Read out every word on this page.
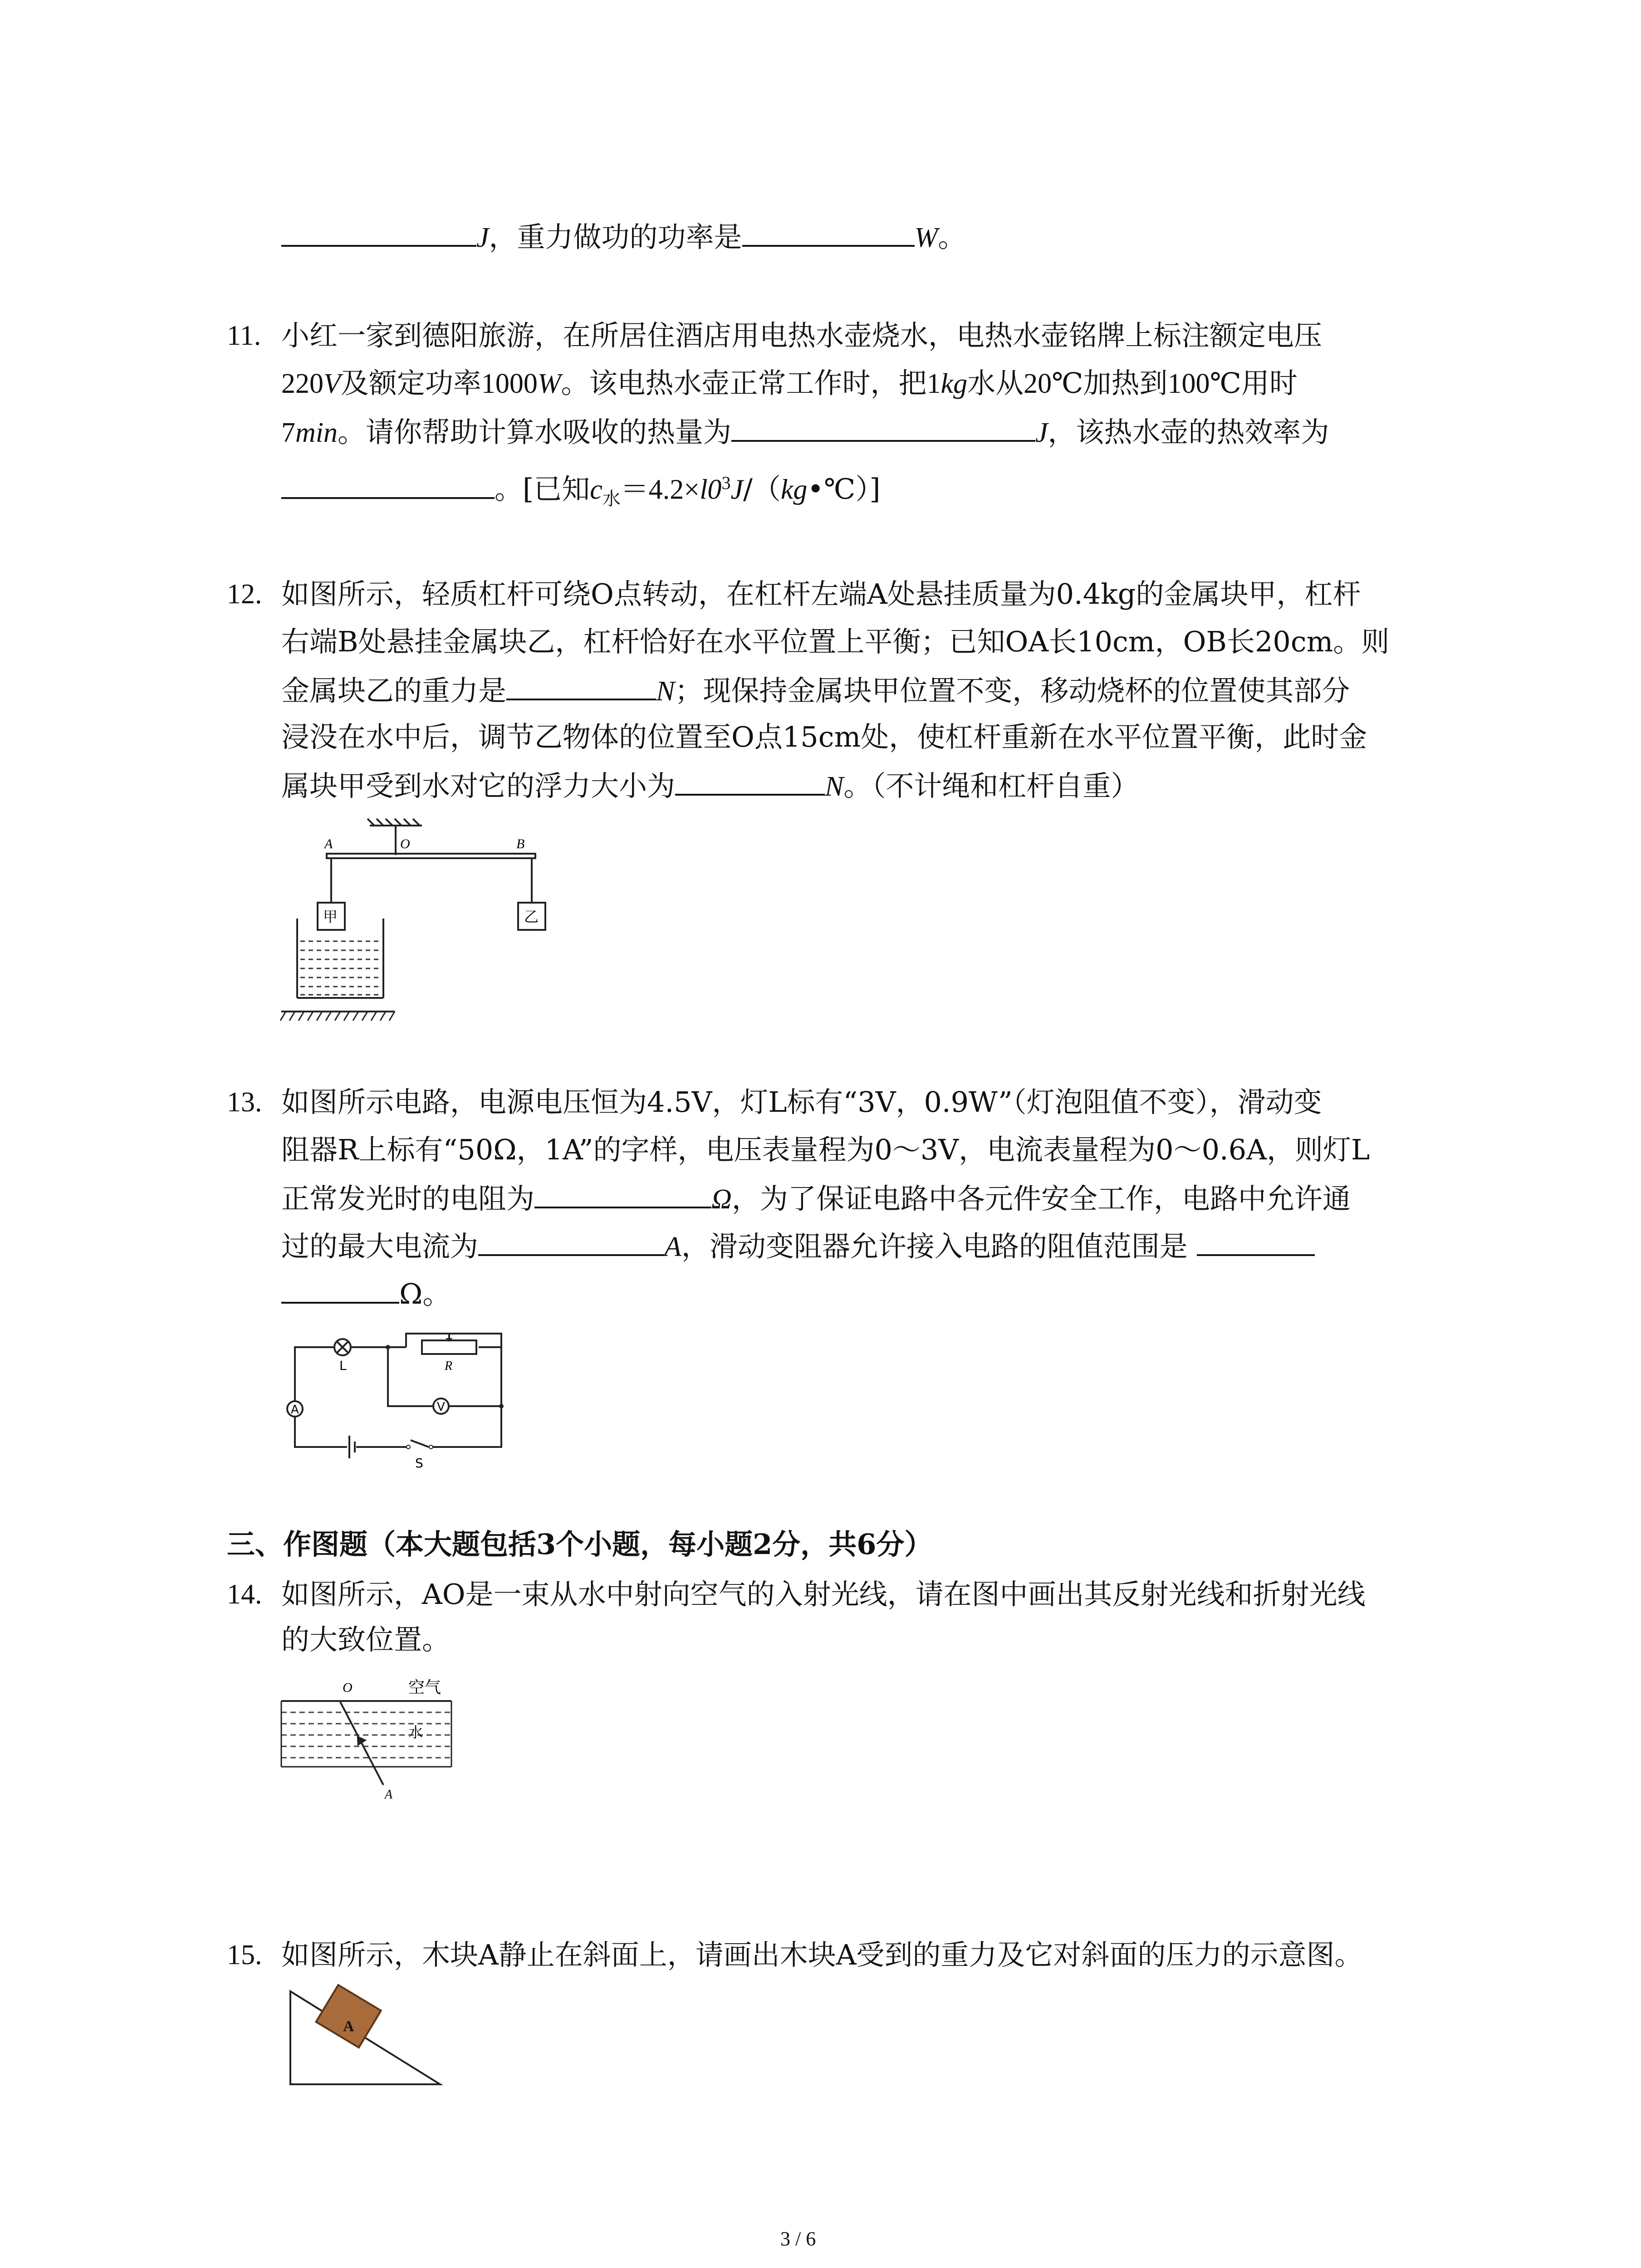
J，重力做功的功率是	W。
11. 小红一家到德阳旅游，在所居住酒店用电热水壶烧水，电热水壶铭牌上标注额定电压
220V及额定功率1000W。该电热水壶正常工作时，把1kg水从20℃加热到100℃用时
7min。请你帮助计算水吸收的热量为	J，该热水壶的热效率为
。[已知$c_水=4.2\times l0^3J/(kg•℃)$]
12. 如图所示，轻质杠杆可绕O点转动，在杠杆左端A处悬挂质量为0.4kg的金属块甲，杠杆
右端B处悬挂金属块乙，杠杆恰好在水平位置上平衡；已知OA长10cm，OB长20cm。则
金属块乙的重力是	N；现保持金属块甲位置不变，移动烧杯的位置使其部分
浸没在水中后，调节乙物体的位置至O点15cm处，使杠杆重新在水平位置平衡，此时金
属块甲受到水对它的浮力大小为	N。（不计绳和杠杆自重）
A	O	B
甲	乙
13. 如图所示电路，电源电压恒为4.5V，灯L标有“3V，0.9W”（灯泡阻值不变），滑动变
阻器R上标有“50Ω，1A”的字样，电压表量程为0～3V，电流表量程为0～0.6A，则灯L
正常发光时的电阻为	Ω，为了保证电路中各元件安全工作，电路中允许通
过的最大电流为	A，滑动变阻器允许接入电路的阻值范围是
Ω。
L	R
A	V
S
三、作图题（本大题包括3个小题，每小题2分，共6分）
14. 如图所示，AO是一束从水中射向空气的入射光线，请在图中画出其反射光线和折射光线
的大致位置。
O	空气
水
A
15. 如图所示，木块A静止在斜面上，请画出木块A受到的重力及它对斜面的压力的示意图。
A
3 / 6
